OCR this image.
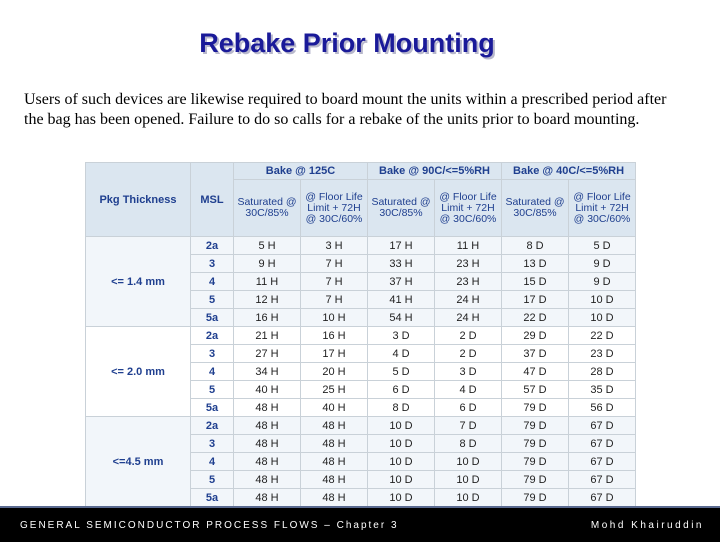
Rebake Prior Mounting
Users of such devices are likewise required to board mount the units within a prescribed period after the bag has been opened. Failure to do so calls for a rebake of the units prior to board mounting.
Pkg Thickness	MSL	Bake @ 125C		Bake @ 90C/<=5%RH		Bake @ 40C/<=5%RH	
		Saturated @ 30C/85%	@ Floor Life Limit + 72H @ 30C/60%	Saturated @ 30C/85%	@ Floor Life Limit + 72H @ 30C/60%	Saturated @ 30C/85%	@ Floor Life Limit + 72H @ 30C/60%
<= 1.4 mm	2a	5 H	3 H	17 H	11 H	8 D	5 D
	3	9 H	7 H	33 H	23 H	13 D	9 D
	4	11 H	7 H	37 H	23 H	15 D	9 D
	5	12 H	7 H	41 H	24 H	17 D	10 D
	5a	16 H	10 H	54 H	24 H	22 D	10 D
<= 2.0 mm	2a	21 H	16 H	3 D	2 D	29 D	22 D
	3	27 H	17 H	4 D	2 D	37 D	23 D
	4	34 H	20 H	5 D	3 D	47 D	28 D
	5	40 H	25 H	6 D	4 D	57 D	35 D
	5a	48 H	40 H	8 D	6 D	79 D	56 D
<=4.5 mm	2a	48 H	48 H	10 D	7 D	79 D	67 D
	3	48 H	48 H	10 D	8 D	79 D	67 D
	4	48 H	48 H	10 D	10 D	79 D	67 D
	5	48 H	48 H	10 D	10 D	79 D	67 D
	5a	48 H	48 H	10 D	10 D	79 D	67 D
GENERAL SEMICONDUCTOR PROCESS FLOWS – Chapter 3	Mohd Khairuddin
